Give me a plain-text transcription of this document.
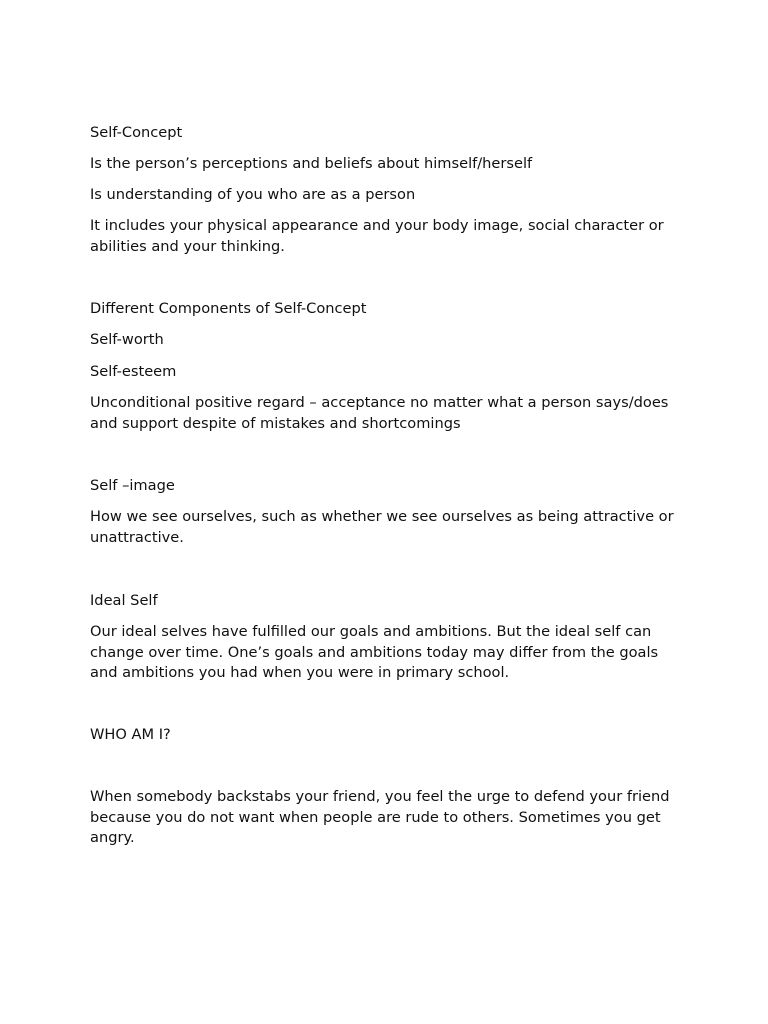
Self-Concept

Is the person’s perceptions and beliefs about himself/herself

Is understanding of you who are as a person

It includes your physical appearance and your body image, social character or abilities and your thinking.

Different Components of Self-Concept

Self-worth

Self-esteem

Unconditional positive regard – acceptance no matter what a person says/does and support despite of mistakes and shortcomings

Self –image

How we see ourselves, such as whether we see ourselves as being attractive or unattractive.

Ideal Self

Our ideal selves have fulfilled our goals and ambitions. But the ideal self can change over time. One’s goals and ambitions today may differ from the goals and ambitions you had when you were in primary school.

WHO AM I?

When somebody backstabs your friend, you feel the urge to defend your friend because you do not want when people are rude to others. Sometimes you get angry.
